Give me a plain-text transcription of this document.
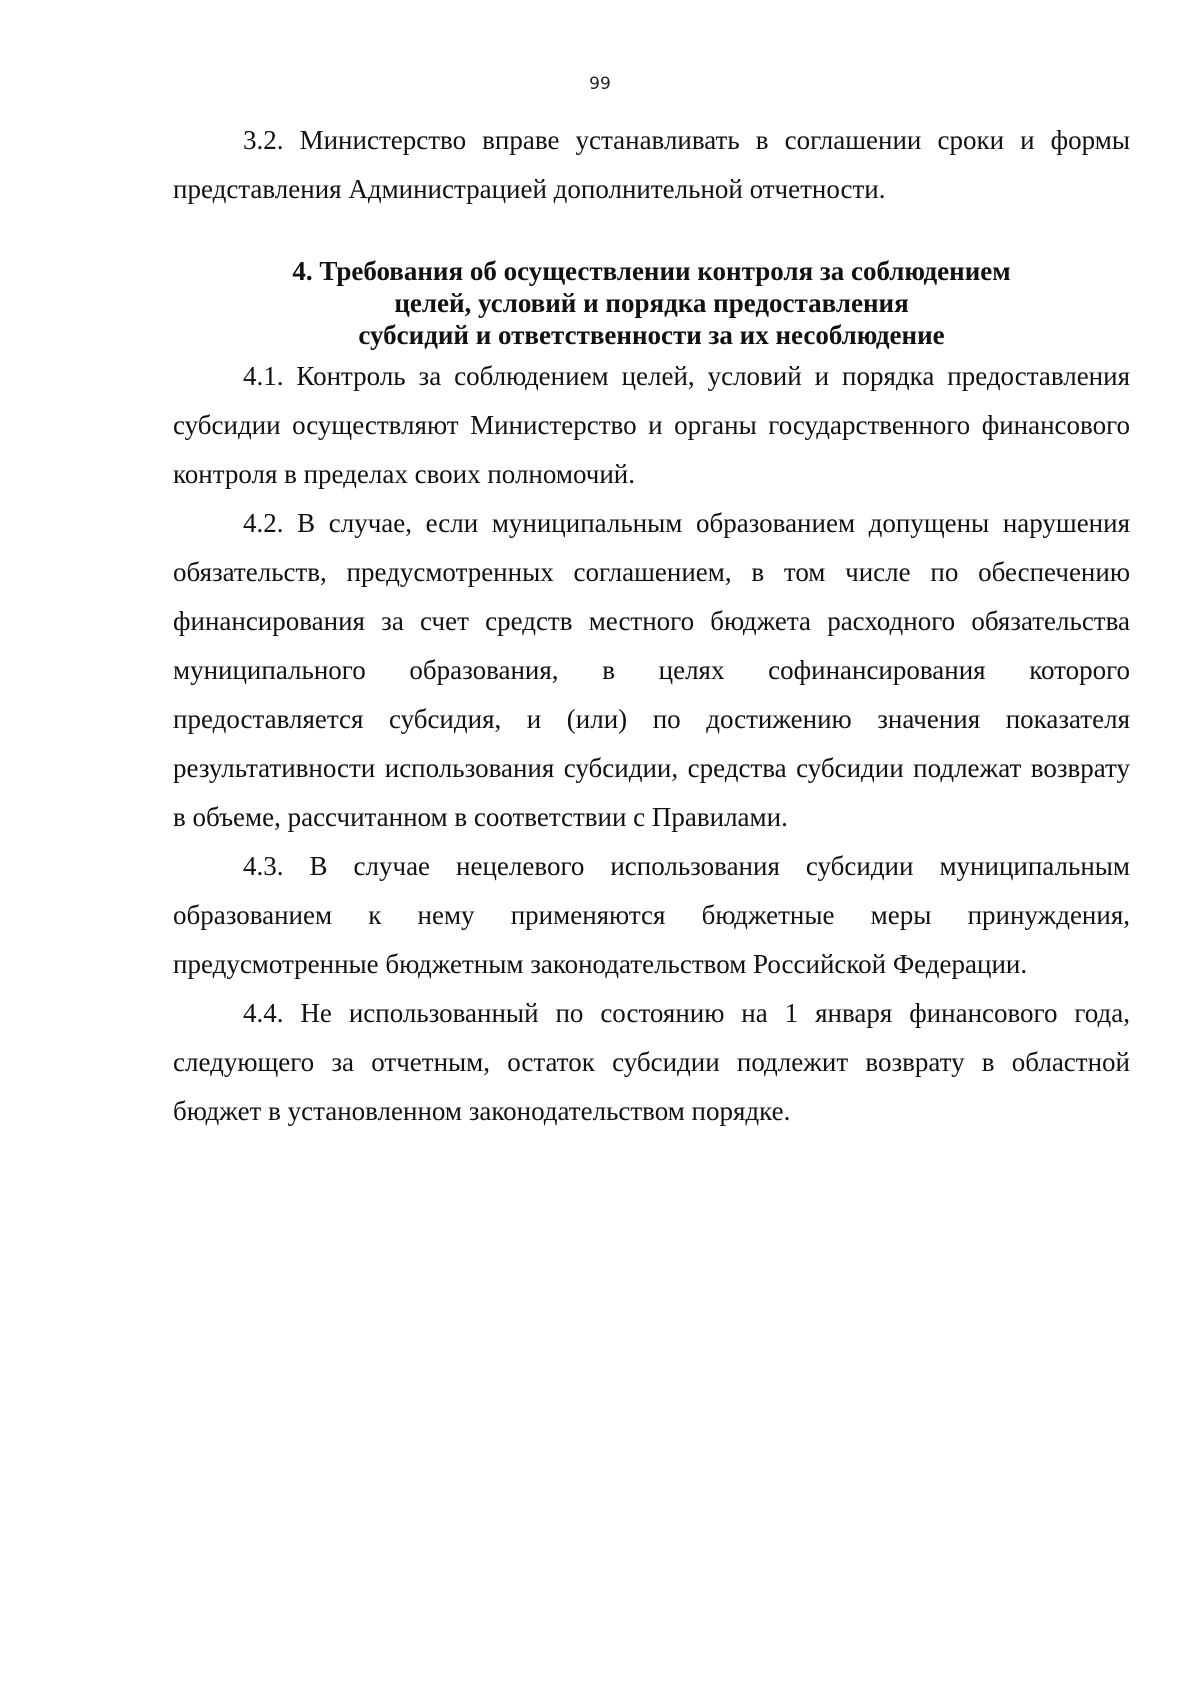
99

3.2. Министерство вправе устанавливать в соглашении сроки и формы представления Администрацией дополнительной отчетности.

4. Требования об осуществлении контроля за соблюдением
целей, условий и порядка предоставления
субсидий и ответственности за их несоблюдение

4.1. Контроль за соблюдением целей, условий и порядка предоставления субсидии осуществляют Министерство и органы государственного финансового контроля в пределах своих полномочий.

4.2. В случае, если муниципальным образованием допущены нарушения обязательств, предусмотренных соглашением, в том числе по обеспечению финансирования за счет средств местного бюджета расходного обязательства муниципального образования, в целях софинансирования которого предоставляется субсидия, и (или) по достижению значения показателя результативности использования субсидии, средства субсидии подлежат возврату в объеме, рассчитанном в соответствии с Правилами.

4.3. В случае нецелевого использования субсидии муниципальным образованием к нему применяются бюджетные меры принуждения, предусмотренные бюджетным законодательством Российской Федерации.

4.4. Не использованный по состоянию на 1 января финансового года, следующего за отчетным, остаток субсидии подлежит возврату в областной бюджет в установленном законодательством порядке.
